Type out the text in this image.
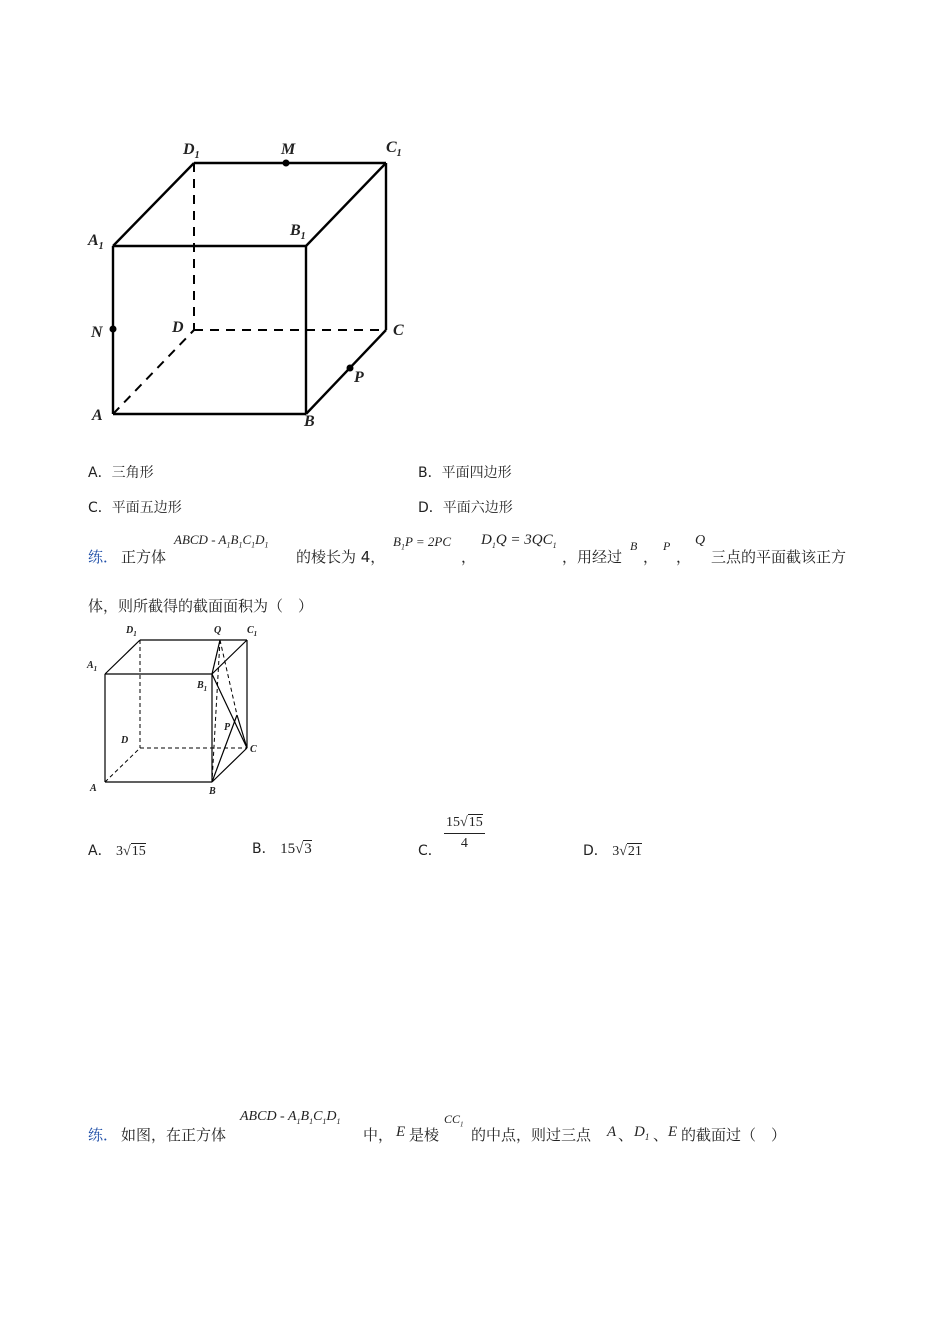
$D_1$	M	$C_1$
$A_1$
$B_1$
N	D	C
P
A	B
A．三角形	B．平面四边形
C．平面五边形	D．平面六边形
练． 正方体
ABCD - $A_1B_1C_1D_1$
的棱长为 4，
$B_1P = 2PC$
，
$D_1Q = 3QC_1$
，用经过
B
，
P
，
Q
三点的平面截该正方
体，则所截得的截面面积为（　）
$D_1$	Q	$C_1$
$A_1$
$B_1$
D
P
C
A	B
A． 3√15	B． 15√3	C． $\frac{15√15}{4}$	D． 3√21
练． 如图，在正方体
ABCD - $A_1B_1C_1D_1$
中， E 是棱
$CC_1$
的中点，则过三点 A 、 $D_1$ 、 E 的截面过（　）
